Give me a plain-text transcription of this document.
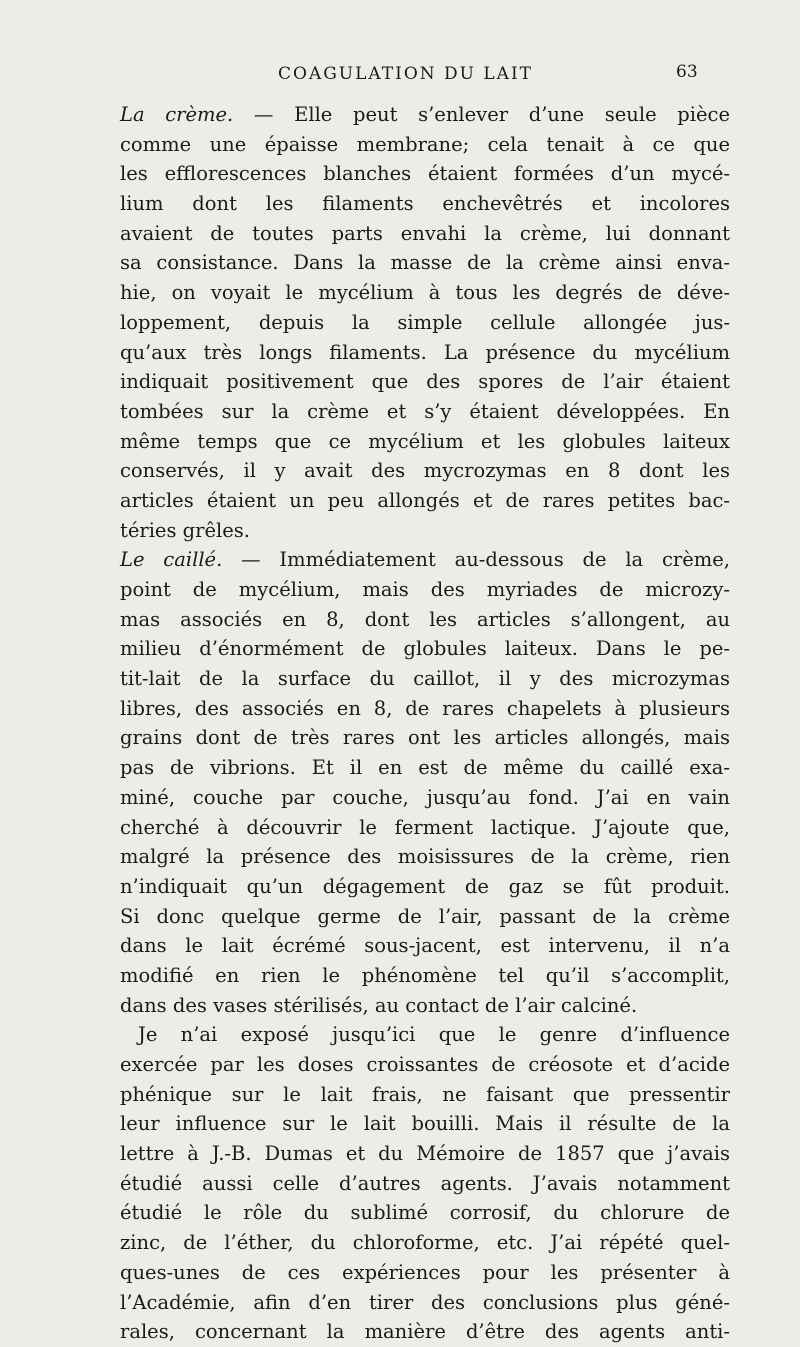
COAGULATION DU LAIT	63
La crème. — Elle peut s’enlever d’une seule pièce
comme une épaisse membrane; cela tenait à ce que
les efflorescences blanches étaient formées d’un mycé-
lium dont les filaments enchevêtrés et incolores
avaient de toutes parts envahi la crème, lui donnant
sa consistance. Dans la masse de la crème ainsi enva-
hie, on voyait le mycélium à tous les degrés de déve-
loppement, depuis la simple cellule allongée jus-
qu’aux très longs filaments. La présence du mycélium
indiquait positivement que des spores de l’air étaient
tombées sur la crème et s’y étaient développées. En
même temps que ce mycélium et les globules laiteux
conservés, il y avait des mycrozymas en 8 dont les
articles étaient un peu allongés et de rares petites bac-
téries grêles.
Le caillé. — Immédiatement au-dessous de la crème,
point de mycélium, mais des myriades de microzy-
mas associés en 8, dont les articles s’allongent, au
milieu d’énormément de globules laiteux. Dans le pe-
tit-lait de la surface du caillot, il y des microzymas
libres, des associés en 8, de rares chapelets à plusieurs
grains dont de très rares ont les articles allongés, mais
pas de vibrions. Et il en est de même du caillé exa-
miné, couche par couche, jusqu’au fond. J’ai en vain
cherché à découvrir le ferment lactique. J’ajoute que,
malgré la présence des moisissures de la crème, rien
n’indiquait qu’un dégagement de gaz se fût produit.
Si donc quelque germe de l’air, passant de la crème
dans le lait écrémé sous-jacent, est intervenu, il n’a
modifié en rien le phénomène tel qu’il s’accomplit,
dans des vases stérilisés, au contact de l’air calciné.
Je n’ai exposé jusqu’ici que le genre d’influence
exercée par les doses croissantes de créosote et d’acide
phénique sur le lait frais, ne faisant que pressentir
leur influence sur le lait bouilli. Mais il résulte de la
lettre à J.-B. Dumas et du Mémoire de 1857 que j’avais
étudié aussi celle d’autres agents. J’avais notamment
étudié le rôle du sublimé corrosif, du chlorure de
zinc, de l’éther, du chloroforme, etc. J’ai répété quel-
ques-unes de ces expériences pour les présenter à
l’Académie, afin d’en tirer des conclusions plus géné-
rales, concernant la manière d’être des agents anti-
